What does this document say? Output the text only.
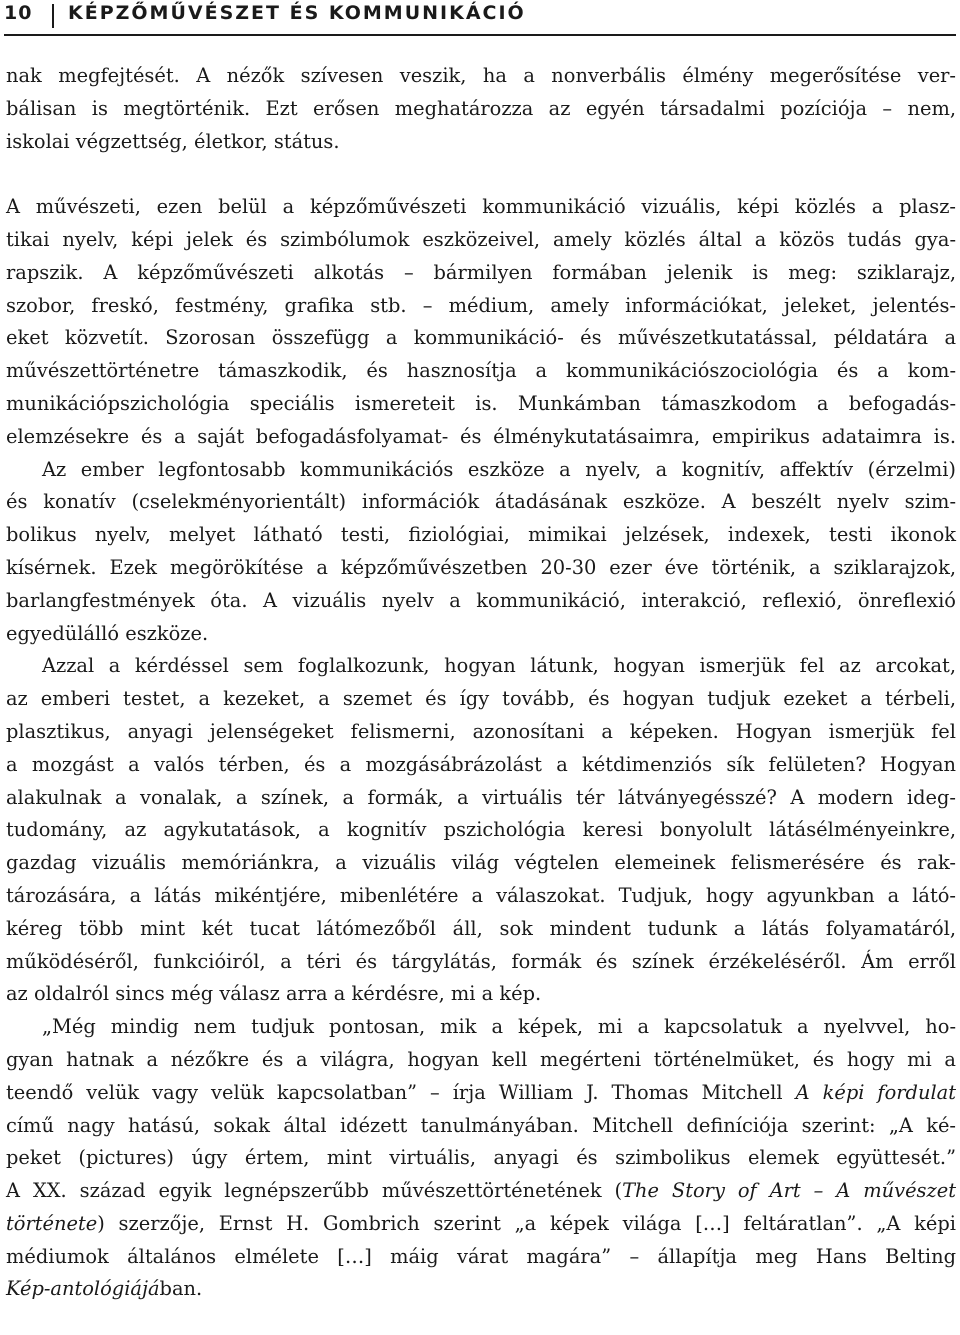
10 KÉPZŐMŰVÉSZET ÉS KOMMUNIKÁCIÓ

nak megfejtését. A nézők szívesen veszik, ha a nonverbális élmény megerősítése ver-
bálisan is megtörténik. Ezt erősen meghatározza az egyén társadalmi pozíciója – nem,
iskolai végzettség, életkor, státus.

A művészeti, ezen belül a képzőművészeti kommunikáció vizuális, képi közlés a plasz-
tikai nyelv, képi jelek és szimbólumok eszközeivel, amely közlés által a közös tudás gya-
rapszik. A képzőművészeti alkotás – bármilyen formában jelenik is meg: sziklarajz,
szobor, freskó, festmény, grafika stb. – médium, amely információkat, jeleket, jelentés-
eket közvetít. Szorosan összefügg a kommunikáció- és művészetkutatással, példatára a
művészettörténetre támaszkodik, és hasznosítja a kommunikációszociológia és a kom-
munikációpszichológia speciális ismereteit is. Munkámban támaszkodom a befogadás-
elemzésekre és a saját befogadásfolyamat- és élménykutatásaimra, empirikus adataimra is.

Az ember legfontosabb kommunikációs eszköze a nyelv, a kognitív, affektív (érzelmi)
és konatív (cselekményorientált) információk átadásának eszköze. A beszélt nyelv szim-
bolikus nyelv, melyet látható testi, fiziológiai, mimikai jelzések, indexek, testi ikonok
kísérnek. Ezek megörökítése a képzőművészetben 20-30 ezer éve történik, a sziklarajzok,
barlangfestmények óta. A vizuális nyelv a kommunikáció, interakció, reflexió, önreflexió
egyedülálló eszköze.

Azzal a kérdéssel sem foglalkozunk, hogyan látunk, hogyan ismerjük fel az arcokat,
az emberi testet, a kezeket, a szemet és így tovább, és hogyan tudjuk ezeket a térbeli,
plasztikus, anyagi jelenségeket felismerni, azonosítani a képeken. Hogyan ismerjük fel
a mozgást a valós térben, és a mozgásábrázolást a kétdimenziós sík felületen? Hogyan
alakulnak a vonalak, a színek, a formák, a virtuális tér látványegésszé? A modern ideg-
tudomány, az agykutatások, a kognitív pszichológia keresi bonyolult látásélményeinkre,
gazdag vizuális memóriánkra, a vizuális világ végtelen elemeinek felismerésére és rak-
tározására, a látás mikéntjére, mibenlétére a válaszokat. Tudjuk, hogy agyunkban a látó-
kéreg több mint két tucat látómezőből áll, sok mindent tudunk a látás folyamatáról,
működéséről, funkcióiról, a téri és tárgylátás, formák és színek érzékeléséről. Ám erről
az oldalról sincs még válasz arra a kérdésre, mi a kép.

„Még mindig nem tudjuk pontosan, mik a képek, mi a kapcsolatuk a nyelvvel, ho-
gyan hatnak a nézőkre és a világra, hogyan kell megérteni történelmüket, és hogy mi a
teendő velük vagy velük kapcsolatban” – írja William J. Thomas Mitchell A képi fordulat
című nagy hatású, sokak által idézett tanulmányában. Mitchell definíciója szerint: „A ké-
peket (pictures) úgy értem, mint virtuális, anyagi és szimbolikus elemek együttesét.”
A XX. század egyik legnépszerűbb művészettörténetének (The Story of Art – A művészet
története) szerzője, Ernst H. Gombrich szerint „a képek világa […] feltáratlan”. „A képi
médiumok általános elmélete […] máig várat magára” – állapítja meg Hans Belting
Kép-antológiájában.
